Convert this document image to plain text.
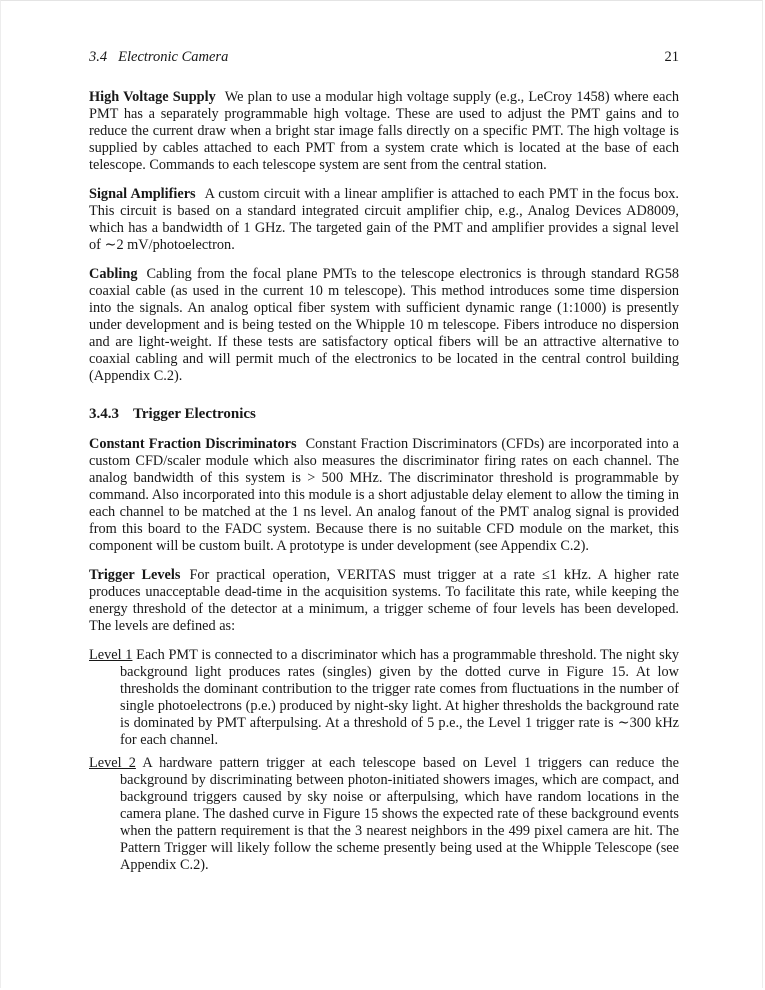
3.4 Electronic Camera	21

High Voltage Supply We plan to use a modular high voltage supply (e.g., LeCroy 1458) where each PMT has a separately programmable high voltage. These are used to adjust the PMT gains and to reduce the current draw when a bright star image falls directly on a specific PMT. The high voltage is supplied by cables attached to each PMT from a system crate which is located at the base of each telescope. Commands to each telescope system are sent from the central station.

Signal Amplifiers A custom circuit with a linear amplifier is attached to each PMT in the focus box. This circuit is based on a standard integrated circuit amplifier chip, e.g., Analog Devices AD8009, which has a bandwidth of 1 GHz. The targeted gain of the PMT and amplifier provides a signal level of ∼2 mV/photoelectron.

Cabling Cabling from the focal plane PMTs to the telescope electronics is through standard RG58 coaxial cable (as used in the current 10 m telescope). This method introduces some time dispersion into the signals. An analog optical fiber system with sufficient dynamic range (1:1000) is presently under development and is being tested on the Whipple 10 m telescope. Fibers introduce no dispersion and are light-weight. If these tests are satisfactory optical fibers will be an attractive alternative to coaxial cabling and will permit much of the electronics to be located in the central control building (Appendix C.2).

3.4.3 Trigger Electronics

Constant Fraction Discriminators Constant Fraction Discriminators (CFDs) are incorporated into a custom CFD/scaler module which also measures the discriminator firing rates on each channel. The analog bandwidth of this system is > 500 MHz. The discriminator threshold is programmable by command. Also incorporated into this module is a short adjustable delay element to allow the timing in each channel to be matched at the 1 ns level. An analog fanout of the PMT analog signal is provided from this board to the FADC system. Because there is no suitable CFD module on the market, this component will be custom built. A prototype is under development (see Appendix C.2).

Trigger Levels For practical operation, VERITAS must trigger at a rate ≤1 kHz. A higher rate produces unacceptable dead-time in the acquisition systems. To facilitate this rate, while keeping the energy threshold of the detector at a minimum, a trigger scheme of four levels has been developed. The levels are defined as:

Level 1 Each PMT is connected to a discriminator which has a programmable threshold. The night sky background light produces rates (singles) given by the dotted curve in Figure 15. At low thresholds the dominant contribution to the trigger rate comes from fluctuations in the number of single photoelectrons (p.e.) produced by night-sky light. At higher thresholds the background rate is dominated by PMT afterpulsing. At a threshold of 5 p.e., the Level 1 trigger rate is ∼300 kHz for each channel.

Level 2 A hardware pattern trigger at each telescope based on Level 1 triggers can reduce the background by discriminating between photon-initiated showers images, which are compact, and background triggers caused by sky noise or afterpulsing, which have random locations in the camera plane. The dashed curve in Figure 15 shows the expected rate of these background events when the pattern requirement is that the 3 nearest neighbors in the 499 pixel camera are hit. The Pattern Trigger will likely follow the scheme presently being used at the Whipple Telescope (see Appendix C.2).
